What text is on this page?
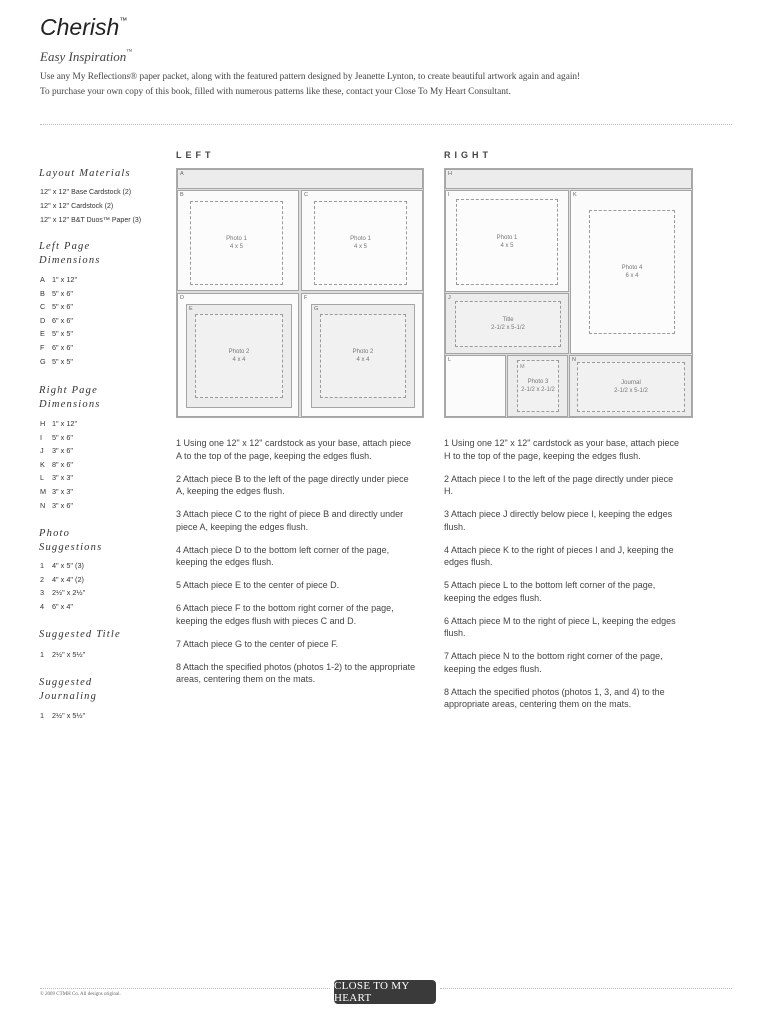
Cherish™
Easy Inspiration™
Use any My Reflections® paper packet, along with the featured pattern designed by Jeanette Lynton, to create beautiful artwork again and again!
To purchase your own copy of this book, filled with numerous patterns like these, contact your Close To My Heart Consultant.
Layout Materials
12" x 12" Base Cardstock (2)
12" x 12" Cardstock (2)
12" x 12" B&T Duos™ Paper (3)
Left Page
Dimensions
A 1" x 12"
B 5" x 6"
C 5" x 6"
D 6" x 6"
E 5" x 5"
F 6" x 6"
G 5" x 5"
Right Page
Dimensions
H 1" x 12"
I 5" x 6"
J 3" x 6"
K 8" x 6"
L 3" x 3"
M 3" x 3"
N 3" x 6"
Photo
Suggestions
1 4" x 5" (3)
2 4" x 4" (2)
3 2½" x 2½"
4 6" x 4"
Suggested Title
1 2½" x 5½"
Suggested
Journaling
1 2½" x 5½"
LEFT
A
B
Photo 1
4 x 5
C
Photo 1
4 x 5
D
E
Photo 2
4 x 4
F
G
Photo 2
4 x 4
1 Using one 12" x 12" cardstock as your base, attach piece A to the top of the page, keeping the edges flush.
2 Attach piece B to the left of the page directly under piece A, keeping the edges flush.
3 Attach piece C to the right of piece B and directly under piece A, keeping the edges flush.
4 Attach piece D to the bottom left corner of the page, keeping the edges flush.
5 Attach piece E to the center of piece D.
6 Attach piece F to the bottom right corner of the page, keeping the edges flush with pieces C and D.
7 Attach piece G to the center of piece F.
8 Attach the specified photos (photos 1-2) to the appropriate areas, centering them on the mats.
RIGHT
H
I
Photo 1
4 x 5
J
Title
2-1/2 x 5-1/2
K
Photo 4
6 x 4
L
M
Photo 3
2-1/2 x 2-1/2
N
Journal
2-1/2 x 5-1/2
1 Using one 12" x 12" cardstock as your base, attach piece H to the top of the page, keeping the edges flush.
2 Attach piece I to the left of the page directly under piece H.
3 Attach piece J directly below piece I, keeping the edges flush.
4 Attach piece K to the right of pieces I and J, keeping the edges flush.
5 Attach piece L to the bottom left corner of the page, keeping the edges flush.
6 Attach piece M to the right of piece L, keeping the edges flush.
7 Attach piece N to the bottom right corner of the page, keeping the edges flush.
8 Attach the specified photos (photos 1, 3, and 4) to the appropriate areas, centering them on the mats.
© 2009 CTMH Co. All designs original.
CLOSE TO MY HEART
